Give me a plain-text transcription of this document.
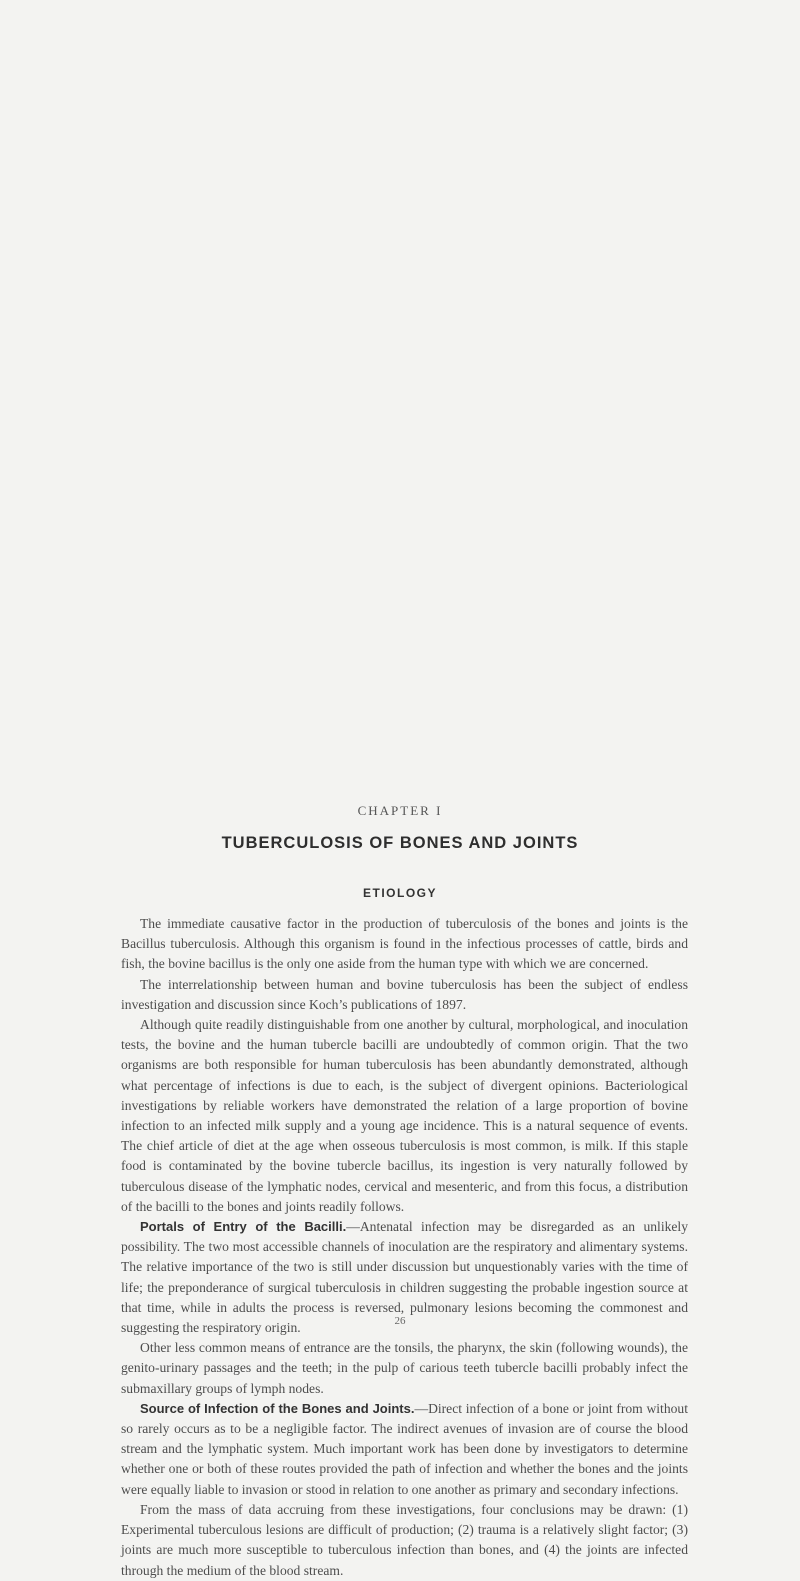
CHAPTER I
TUBERCULOSIS OF BONES AND JOINTS
ETIOLOGY

The immediate causative factor in the production of tuberculosis of the bones and joints is the Bacillus tuberculosis. Although this organism is found in the infectious processes of cattle, birds and fish, the bovine bacillus is the only one aside from the human type with which we are concerned.

The interrelationship between human and bovine tuberculosis has been the subject of endless investigation and discussion since Koch’s publications of 1897.

Although quite readily distinguishable from one another by cultural, morphological, and inoculation tests, the bovine and the human tubercle bacilli are undoubtedly of common origin. That the two organisms are both responsible for human tuberculosis has been abundantly demonstrated, although what percentage of infections is due to each, is the subject of divergent opinions. Bacteriological investigations by reliable workers have demonstrated the relation of a large proportion of bovine infection to an infected milk supply and a young age incidence. This is a natural sequence of events. The chief article of diet at the age when osseous tuberculosis is most common, is milk. If this staple food is contaminated by the bovine tubercle bacillus, its ingestion is very naturally followed by tuberculous disease of the lymphatic nodes, cervical and mesenteric, and from this focus, a distribution of the bacilli to the bones and joints readily follows.

Portals of Entry of the Bacilli.—Antenatal infection may be disregarded as an unlikely possibility. The two most accessible channels of inoculation are the respiratory and alimentary systems. The relative importance of the two is still under discussion but unquestionably varies with the time of life; the preponderance of surgical tuberculosis in children suggesting the probable ingestion source at that time, while in adults the process is reversed, pulmonary lesions becoming the commonest and suggesting the respiratory origin.

Other less common means of entrance are the tonsils, the pharynx, the skin (following wounds), the genito-urinary passages and the teeth; in the pulp of carious teeth tubercle bacilli probably infect the submaxillary groups of lymph nodes.

Source of Infection of the Bones and Joints.—Direct infection of a bone or joint from without so rarely occurs as to be a negligible factor. The indirect avenues of invasion are of course the blood stream and the lymphatic system. Much important work has been done by investigators to determine whether one or both of these routes provided the path of infection and whether the bones and the joints were equally liable to invasion or stood in relation to one another as primary and secondary infections.

From the mass of data accruing from these investigations, four conclusions may be drawn: (1) Experimental tuberculous lesions are difficult of production; (2) trauma is a relatively slight factor; (3) joints are much more susceptible to tuberculous infection than bones, and (4) the joints are infected through the medium of the blood stream.

26
